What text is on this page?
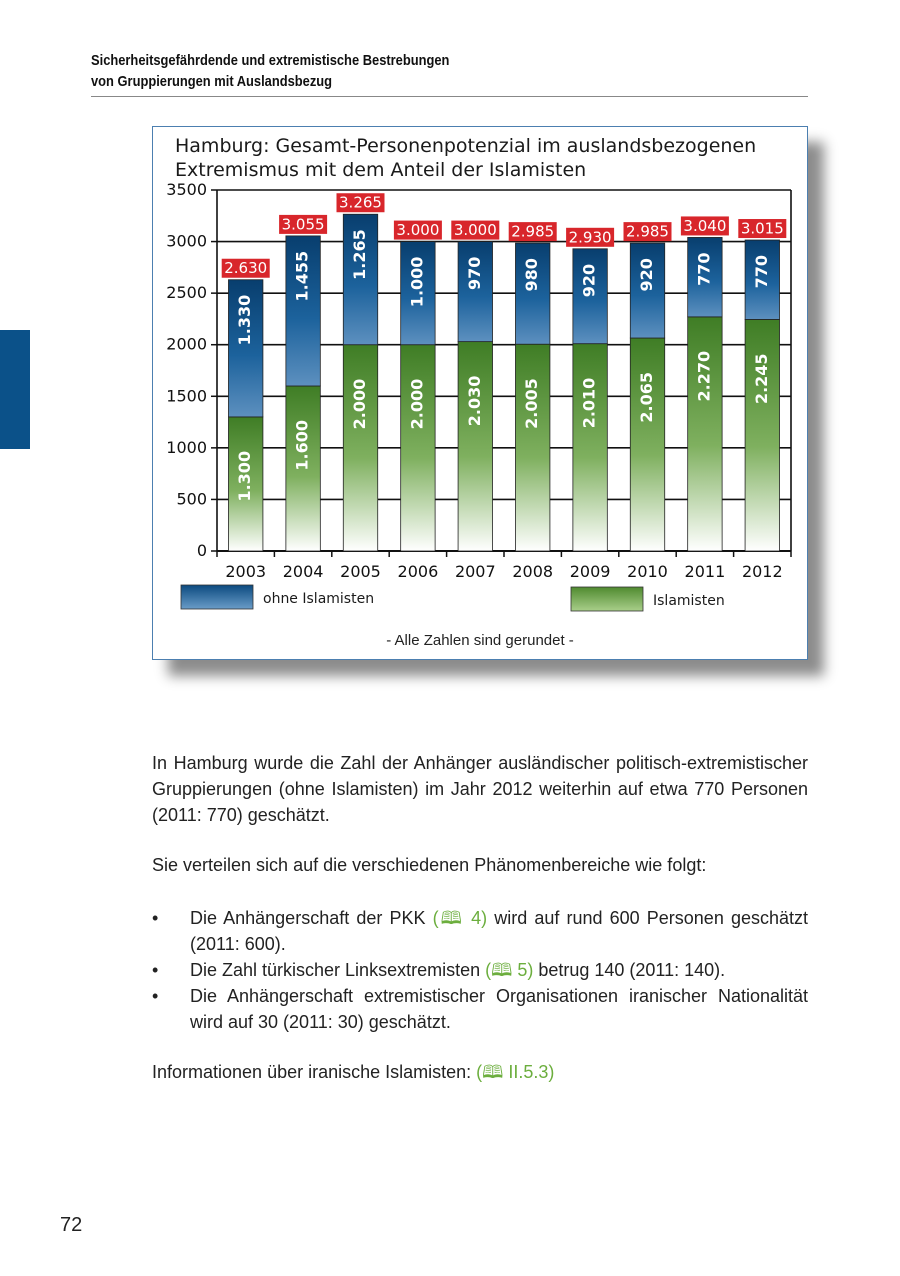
Sicherheitsgefährdende und extremistische Bestrebungen
von Gruppierungen mit Auslandsbezug
Hamburg: Gesamt-Personenpotenzial im auslandsbezogenen
Extremismus mit dem Anteil der Islamisten
0
500
1000
1500
2000
2500
3000
3500
1.300
1.330
2.630
1.600
1.455
3.055
2.000
1.265
3.265
2.000
1.000
3.000
2.030
970
3.000
2.005
980
2.985
2.010
920
2.930
2.065
920
2.985
2.270
770
3.040
2.245
770
3.015
2003 2004 2005 2006 2007 2008 2009 2010 2011 2012
ohne Islamisten	Islamisten
- Alle Zahlen sind gerundet -
In Hamburg wurde die Zahl der Anhänger ausländischer politisch-extremistischer Gruppierungen (ohne Islamisten) im Jahr 2012 weiterhin auf etwa 770 Personen (2011: 770) geschätzt.
Sie verteilen sich auf die verschiedenen Phänomenbereiche wie folgt:
• Die Anhängerschaft der PKK (🕮 4) wird auf rund 600 Personen geschätzt (2011: 600).
• Die Zahl türkischer Linksextremisten (🕮 5) betrug 140 (2011: 140).
• Die Anhängerschaft extremistischer Organisationen iranischer Nationalität wird auf 30 (2011: 30) geschätzt.
Informationen über iranische Islamisten: (🕮 II.5.3)
72
